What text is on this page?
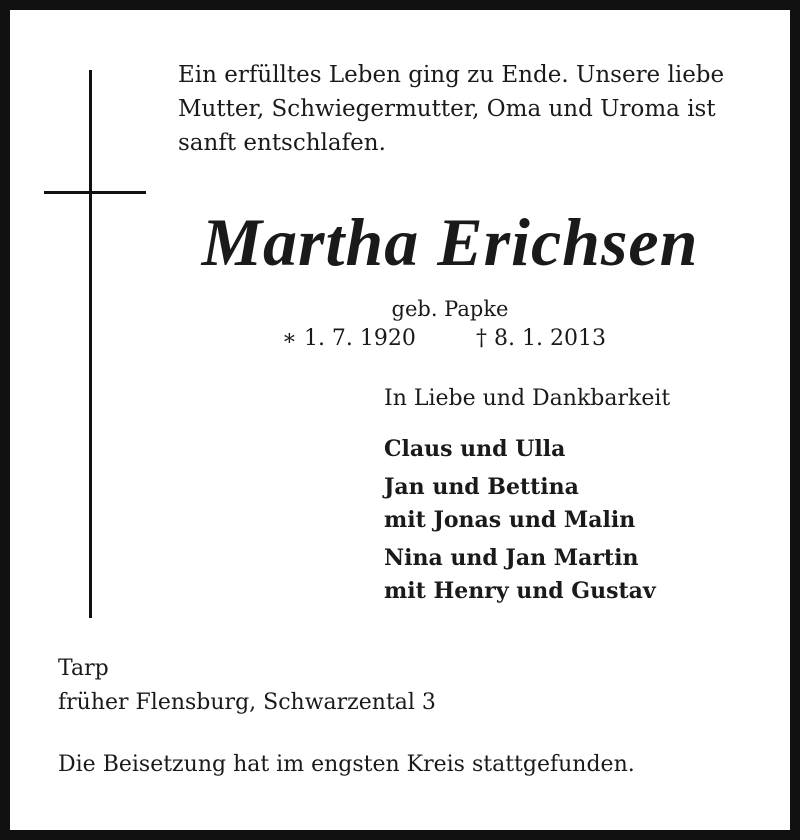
Ein erfülltes Leben ging zu Ende. Unsere liebe
Mutter, Schwiegermutter, Oma und Uroma ist
sanft entschlafen.

Martha Erichsen

geb. Papke

∗ 1. 7. 1920	† 8. 1. 2013

In Liebe und Dankbarkeit

Claus und Ulla

Jan und Bettina
mit Jonas und Malin

Nina und Jan Martin
mit Henry und Gustav

Tarp
früher Flensburg, Schwarzental 3

Die Beisetzung hat im engsten Kreis stattgefunden.
